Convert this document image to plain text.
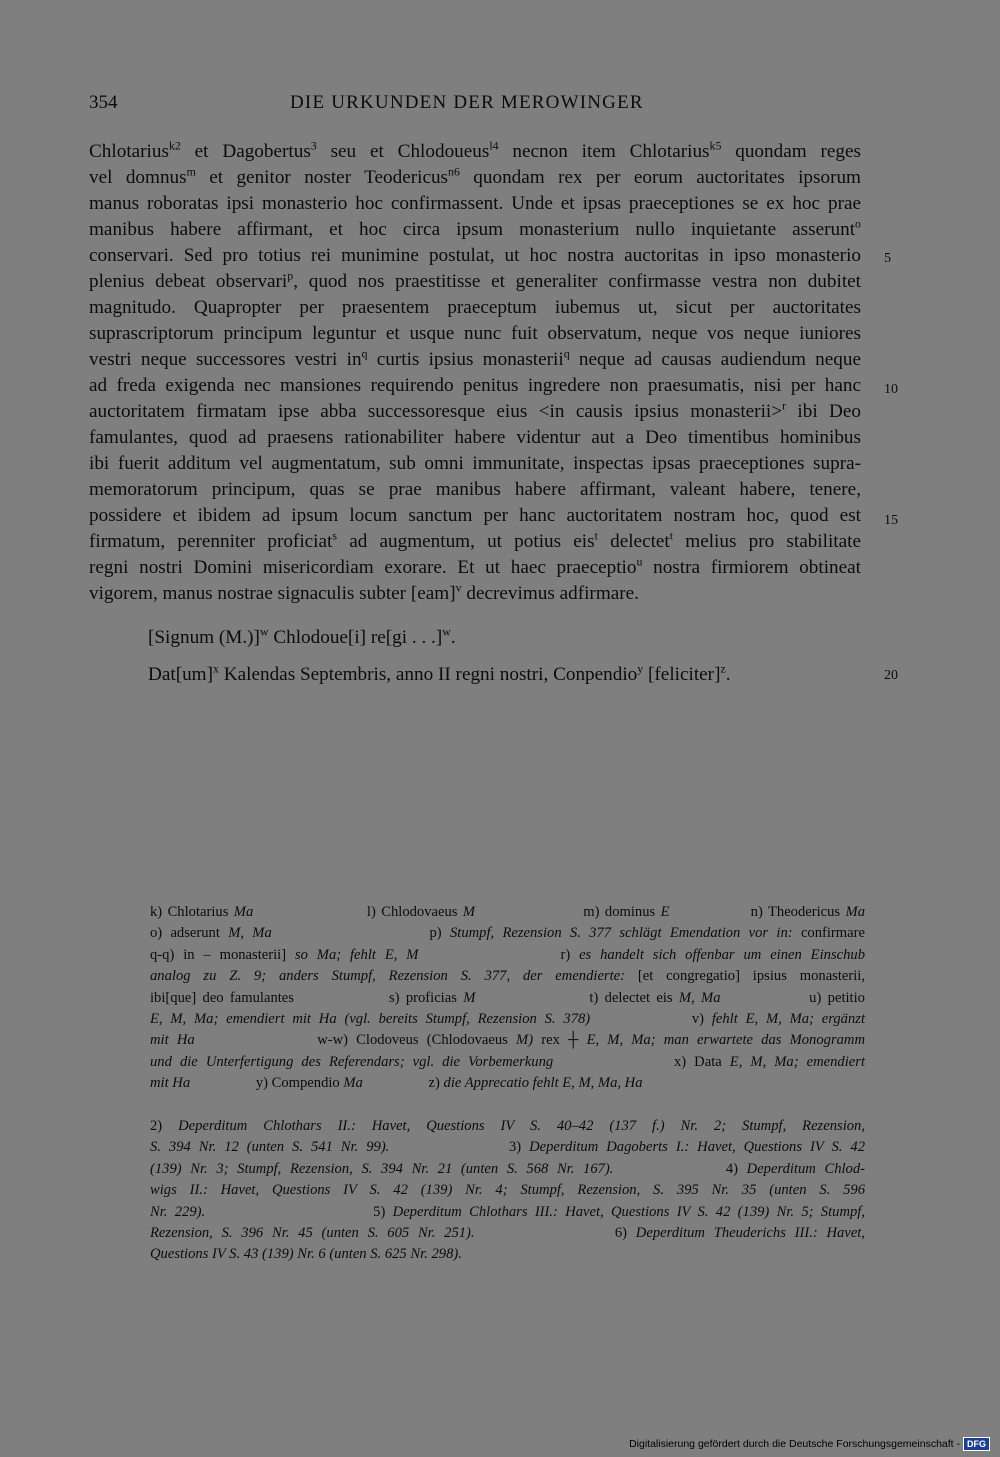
354	DIE URKUNDEN DER MEROWINGER
Chlotarius$^{k2}$ et Dagobertus$^3$ seu et Chlodoueus$^{l4}$ necnon item Chlotarius$^{k5}$ quondam reges
vel domnus$^m$ et genitor noster Teodericus$^{n6}$ quondam rex per eorum auctoritates ipsorum
manus roboratas ipsi monasterio hoc confirmassent. Unde et ipsas praeceptiones se ex hoc prae
manibus habere affirmant, et hoc circa ipsum monasterium nullo inquietante asserunt$^o$
conservari. Sed pro totius rei munimine postulat, ut hoc nostra auctoritas in ipso monasterio
plenius debeat observari$^p$, quod nos praestitisse et generaliter confirmasse vestra non dubitet
magnitudo. Quapropter per praesentem praeceptum iubemus ut, sicut per auctoritates
suprascriptorum principum leguntur et usque nunc fuit observatum, neque vos neque iuniores
vestri neque successores vestri $in^q$ curtis ipsius monasterii$^q$ neque ad causas audiendum neque
ad freda exigenda nec mansiones requirendo penitus ingredere non praesumatis, nisi per hanc
auctoritatem firmatam ipse abba successoresque eius <in causis ipsius monasterii>$^r$ ibi Deo
famulantes, quod ad praesens rationabiliter habere videntur aut a Deo timentibus hominibus
ibi fuerit additum vel augmentatum, sub omni immunitate, inspectas ipsas praeceptiones supra-
memoratorum principum, quas se prae manibus habere affirmant, valeant habere, tenere,
possidere et ibidem ad ipsum locum sanctum per hanc auctoritatem nostram hoc, quod est
firmatum, perenniter proficiat$^s$ ad augmentum, ut potius eis$^t$ delectet$^t$ melius pro stabilitate
regni nostri Domini misericordiam exorare. Et ut haec praeceptio$^u$ nostra firmiorem obtineat
vigorem, manus nostrae signaculis subter [eam]$^v$ decrevimus adfirmare.
[Signum (M.)]$^w$ Chlodoue[i] re[gi . . .]$^w$.
Dat[um]$^x$ Kalendas Septembris, anno II regni nostri, Conpendio$^y$ [feliciter]$^z$.
5
10
15
20
k) Chlotarius Ma                     l) Chlodovaeus M                    m) dominus E               n) Theodericus Ma
o) adserunt M, Ma                   p) Stumpf, Rezension S. 377 schlägt Emendation vor in: confirmare
q-q) in – monasterii] so Ma; fehlt E, M                r) es handelt sich offenbar um einen Einschub
analog zu Z. 9; anders Stumpf, Rezension S. 377, der emendierte: [et congregatio] ipsius monasterii,
ibi[que] deo famulantes               s) proficias M                  t) delectet eis M, Ma              u) petitio
E, M, Ma; emendiert mit Ha (vgl. bereits Stumpf, Rezension S. 378)             v) fehlt E, M, Ma; ergänzt
mit Ha               w-w) Clodoveus (Chlodovaeus M) rex ┼ E, M, Ma; man erwartete das Monogramm
und die Unterfertigung des Referendars; vgl. die Vorbemerkung               x) Data E, M, Ma; emendiert
mit Ha                  y) Compendio Ma                  z) die Apprecatio fehlt E, M, Ma, Ha
2) Deperditum Chlothars II.: Havet, Questions IV S. 40–42 (137 f.) Nr. 2; Stumpf, Rezension,
S. 394 Nr. 12 (unten S. 541 Nr. 99).               3) Deperditum Dagoberts I.: Havet, Questions IV S. 42
(139) Nr. 3; Stumpf, Rezension, S. 394 Nr. 21 (unten S. 568 Nr. 167).             4) Deperditum Chlod-
wigs II.: Havet, Questions IV S. 42 (139) Nr. 4; Stumpf, Rezension, S. 395 Nr. 35 (unten S. 596
Nr. 229).                       5) Deperditum Chlothars III.: Havet, Questions IV S. 42 (139) Nr. 5; Stumpf,
Rezension, S. 396 Nr. 45 (unten S. 605 Nr. 251).                6) Deperditum Theuderichs III.: Havet,
Questions IV S. 43 (139) Nr. 6 (unten S. 625 Nr. 298).
Digitalisierung gefördert durch die Deutsche Forschungsgemeinschaft - DFG
